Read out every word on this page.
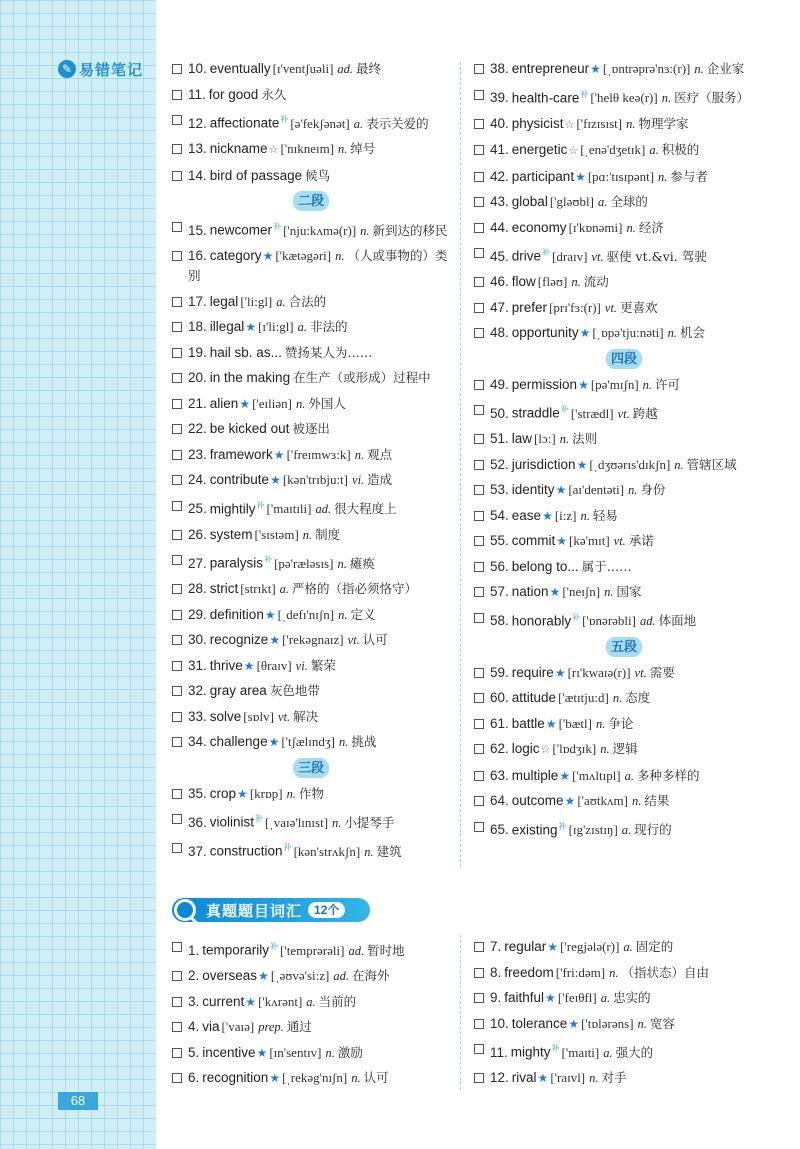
✎ 易错笔记
68
10. eventually [ɪ'ventʃuəli] ad. 最终
11. for good 永久
12. affectionate$^补$ [ə'fekʃənət] a. 表示关爱的
13. nickname☆ ['nɪkneɪm] n. 绰号
14. bird of passage 候鸟
二段
15. newcomer$^补$ ['nju:kʌmə(r)] n. 新到达的移民
16. category★ ['kætəgəri] n. （人或事物的）类别
17. legal ['li:gl] a. 合法的
18. illegal★ [ɪ'li:gl] a. 非法的
19. hail sb. as... 赞扬某人为……
20. in the making 在生产（或形成）过程中
21. alien★ ['eɪliən] n. 外国人
22. be kicked out 被逐出
23. framework★ ['freɪmwɜ:k] n. 观点
24. contribute★ [kən'trɪbju:t] vi. 造成
25. mightily$^补$ ['maɪtɪli] ad. 很大程度上
26. system ['sɪstəm] n. 制度
27. paralysis$^补$ [pə'ræləsɪs] n. 瘫痪
28. strict [strɪkt] a. 严格的（指必须恪守）
29. definition★ [ˌdefɪ'nɪʃn] n. 定义
30. recognize★ ['rekəgnaɪz] vt. 认可
31. thrive★ [θraɪv] vi. 繁荣
32. gray area 灰色地带
33. solve [sɒlv] vt. 解决
34. challenge★ ['tʃælɪndʒ] n. 挑战
三段
35. crop★ [krɒp] n. 作物
36. violinist$^补$ [ˌvaɪə'lɪnɪst] n. 小提琴手
37. construction$^补$ [kən'strʌkʃn] n. 建筑
38. entrepreneur★ [ˌɒntrəprə'nɜ:(r)] n. 企业家
39. health-care$^补$ ['helθ keə(r)] n. 医疗（服务）
40. physicist☆ ['fɪzɪsɪst] n. 物理学家
41. energetic☆ [ˌenə'dʒetɪk] a. 积极的
42. participant★ [pɑ:'tɪsɪpənt] n. 参与者
43. global ['gləʊbl] a. 全球的
44. economy [ɪ'kɒnəmi] n. 经济
45. drive$^补$ [draɪv] vt. 驱使 vt.&vi. 驾驶
46. flow [fləʊ] n. 流动
47. prefer [prɪ'fɜ:(r)] vt. 更喜欢
48. opportunity★ [ˌɒpə'tju:nəti] n. 机会
四段
49. permission★ [pə'mɪʃn] n. 许可
50. straddle$^补$ ['strædl] vt. 跨越
51. law [lɔ:] n. 法则
52. jurisdiction★ [ˌdʒʊərɪs'dɪkʃn] n. 管辖区域
53. identity★ [aɪ'dentəti] n. 身份
54. ease★ [i:z] n. 轻易
55. commit★ [kə'mɪt] vt. 承诺
56. belong to... 属于……
57. nation★ ['neɪʃn] n. 国家
58. honorably$^补$ ['ɒnərəbli] ad. 体面地
五段
59. require★ [rɪ'kwaɪə(r)] vt. 需要
60. attitude ['ætɪtju:d] n. 态度
61. battle★ ['bætl] n. 争论
62. logic☆ ['lɒdʒɪk] n. 逻辑
63. multiple★ ['mʌltɪpl] a. 多种多样的
64. outcome★ ['aʊtkʌm] n. 结果
65. existing$^补$ [ɪg'zɪstɪŋ] a. 现行的
真题题目词汇	12个
1. temporarily$^补$ ['temprərəli] ad. 暂时地
2. overseas★ [ˌəʊvə'si:z] ad. 在海外
3. current★ ['kʌrənt] a. 当前的
4. via ['vaɪə] prep. 通过
5. incentive★ [ɪn'sentɪv] n. 激励
6. recognition★ [ˌrekəg'nɪʃn] n. 认可
7. regular★ ['regjələ(r)] a. 固定的
8. freedom ['fri:dəm] n. （指状态）自由
9. faithful★ ['feɪθfl] a. 忠实的
10. tolerance★ ['tɒlərəns] n. 宽容
11. mighty$^补$ ['maɪti] a. 强大的
12. rival★ ['raɪvl] n. 对手
